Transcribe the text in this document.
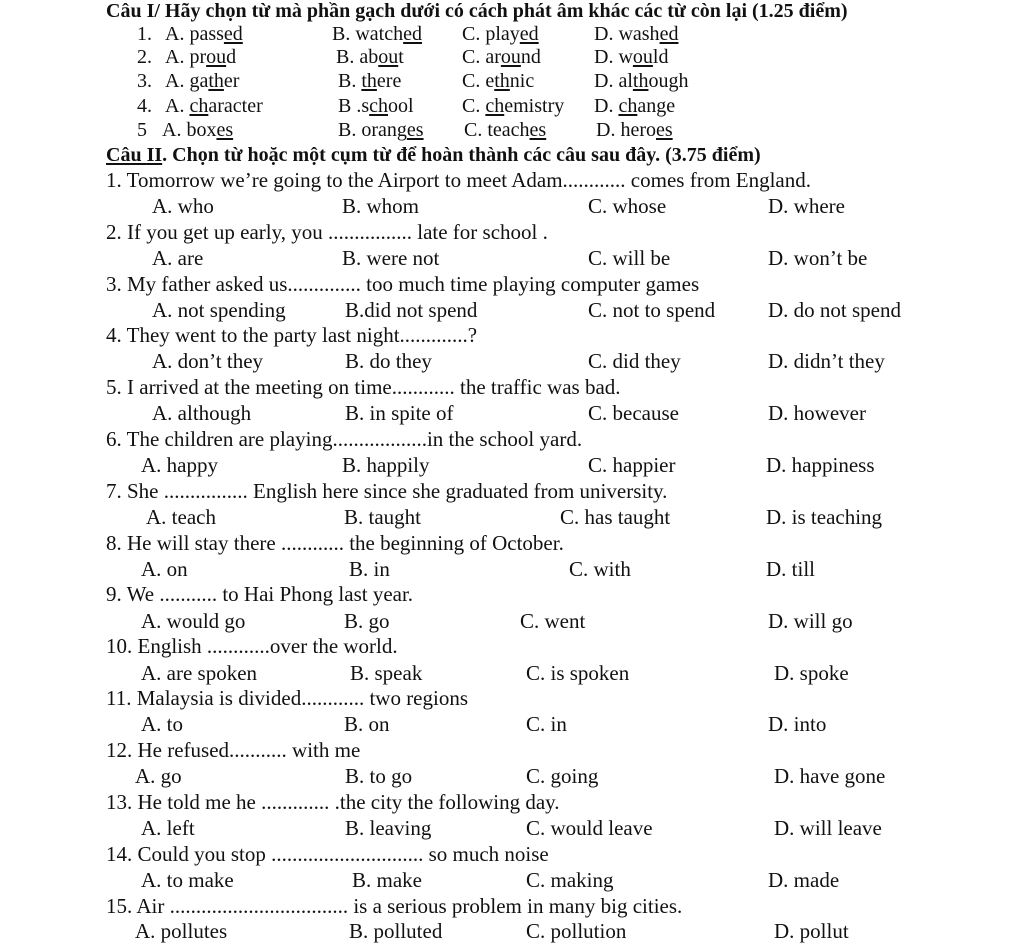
Câu I/ Hãy chọn từ mà phần gạch dưới có cách phát âm khác các từ còn lại (1.25 điểm)
1. A. passed	B. watched C. played	D. washed
2. A. proud	B. about	C. around	D. would
3. A. gather	B. there	C. ethnic	D. although
4. A. character	B .school C. chemistry D. change
5 A. boxes	B. oranges C. teaches D. heroes
Câu II. Chọn từ hoặc một cụm từ để hoàn thành các câu sau đây. (3.75 điểm)
1. Tomorrow we’re going to the Airport to meet Adam............ comes from England.
A. who	B. whom	C. whose	D. where
2. If you get up early, you ................ late for school .
A. are	B. were not	C. will be	D. won’t be
3. My father asked us.............. too much time playing computer games
A. not spending	B.did not spend	C. not to spend	D. do not spend
4. They went to the party last night.............?
A. don’t they	B. do they	C. did they	D. didn’t they
5. I arrived at the meeting on time............ the traffic was bad.
A. although	B. in spite of	C. because	D. however
6. The children are playing..................in the school yard.
A. happy	B. happily	C. happier	D. happiness
7. She ................ English here since she graduated from university.
A. teach	B. taught	C. has taught	D. is teaching
8. He will stay there ............ the beginning of October.
A. on	B. in	C. with	D. till
9. We ........... to Hai Phong last year.
A. would go	B. go	C. went	D. will go
10. English ............over the world.
A. are spoken	B. speak	C. is spoken	D. spoke
11. Malaysia is divided............ two regions
A. to	B. on	C. in	D. into
12. He refused........... with me
A. go	B. to go	C. going	D. have gone
13. He told me he ............. .the city the following day.
A. left	B. leaving	C. would leave	D. will leave
14. Could you stop ............................. so much noise
A. to make	B. make	C. making	D. made
15. Air .................................. is a serious problem in many big cities.
A. pollutes	B. polluted	C. pollution	D. pollut
